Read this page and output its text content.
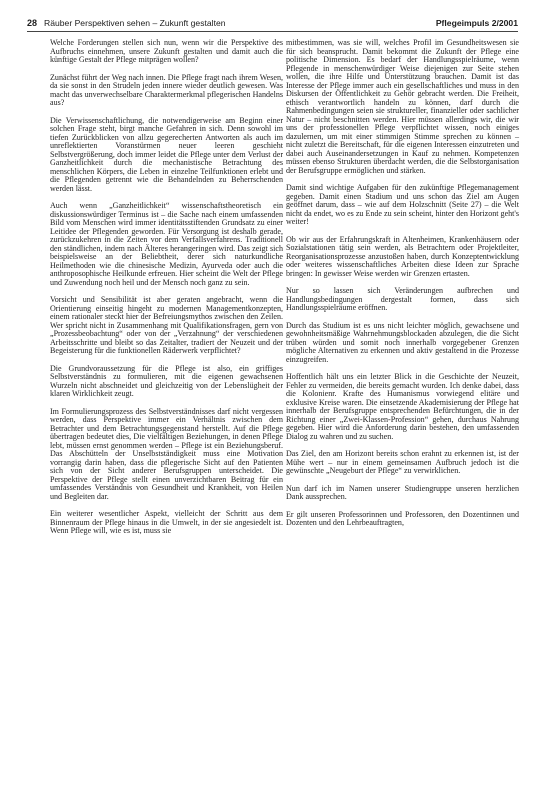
28 Räuber Perspektiven sehen – Zukunft gestalten	Pflegeimpuls 2/2001

Welche Forderungen stellen sich nun, wenn wir die Perspektive des Aufbruchs einnehmen, unsere Zukunft gestalten und damit auch die künftige Gestalt der Pflege mitprägen wollen?

Zunächst führt der Weg nach innen. Die Pflege fragt nach ihrem Wesen, da sie sonst in den Strudeln jeden innere wieder deutlich gewesen. Was macht das unverwechselbare Charaktermerkmal pflegerischen Handelns aus?

Die Verwissenschaftlichung, die notwendigerweise am Beginn einer solchen Frage steht, birgt manche Gefahren in sich. Denn sowohl im tiefen Zurückblicken von allzu gegerecherten Antworten als auch im unreflektierten Voranstürmen neuer leeren geschieht Selbstvergrößerung, doch immer leidet die Pflege unter dem Verlust der Ganzheitlichkeit durch die mechanistische Betrachtung des menschlichen Körpers, die Leben in einzelne Teilfunktionen erlebt und die Pflegenden getrennt wie die Behandelnden zu Beherrschenden werden lässt.

Auch wenn „Ganzheitlichkeit“ wissenschaftstheoretisch ein diskussionswürdiger Terminus ist – die Sache nach einem umfassenden Bild vom Menschen wird immer identitätsstiftenden Grundsatz zu einer Leitidee der Pflegenden geworden. Für Versorgung ist deshalb gerade, zurückzukehren in die Zeiten vor dem Verfallsverfahrens. Traditionell den ständlichen, indem nach Älteres herangeringen wird. Das zeigt sich beispielsweise an der Beliebtheit, derer sich naturkundliche Heilmethoden wie die chinesische Medizin, Ayurveda oder auch die anthroposophische Heilkunde erfreuen. Hier scheint die Welt der Pflege und Zuwendung noch heil und der Mensch noch ganz zu sein.

Vorsicht und Sensibilität ist aber geraten angebracht, wenn die Orientierung einseitig hingeht zu modernen Managementkonzepten, einem rationaler steckt hier der Befreiungsmythos zwischen den Zeilen. Wer spricht nicht in Zusammenhang mit Qualifikationsfragen, gern von „Prozessbeobachtung“ oder von der „Verzahnung“ der verschiedenen Arbeitsschritte und bleibt so das Zeitalter, tradiert der Neuzeit und der Begeisterung für die funktionellen Räderwerk verpflichtet?

Die Grundvoraussetzung für die Pflege ist also, ein griffiges Selbstverständnis zu formulieren, mit die eigenen gewachsenen Wurzeln nicht abschneidet und gleichzeitig von der Lebenslügheit der klaren Wirklichkeit zeugt.

Im Formulierungsprozess des Selbstverständnisses darf nicht vergessen werden, dass Perspektive immer ein Verhältnis zwischen dem Betrachter und dem Betrachtungsgegenstand herstellt. Auf die Pflege übertragen bedeutet dies, Die vielfältigen Beziehungen, in denen Pflege lebt, müssen ernst genommen werden – Pflege ist ein Beziehungsberuf. Das Abschütteln der Unselbstständigkeit muss eine Motivation vorrangig darin haben, dass die pflegerische Sicht auf den Patienten sich von der Sicht anderer Berufsgruppen unterscheidet. Die Perspektive der Pflege stellt einen unverzichtbaren Beitrag für ein umfassendes Verständnis von Gesundheit und Krankheit, von Heilen und Begleiten dar.

Ein weiterer wesentlicher Aspekt, vielleicht der Schritt aus dem Binnenraum der Pflege hinaus in die Umwelt, in der sie angesiedelt ist. Wenn Pflege will, wie es ist, muss sie

mitbestimmen, was sie will, welches Profil im Gesundheitswesen sie für sich beansprucht. Damit bekommt die Zukunft der Pflege eine politische Dimension. Es bedarf der Handlungsspielräume, wenn Pflegende in menschenwürdiger Weise diejenigen zur Seite stehen wollen, die ihre Hilfe und Unterstützung brauchen. Damit ist das Interesse der Pflege immer auch ein gesellschaftliches und muss in den Diskursen der Öffentlichkeit zu Gehör gebracht werden. Die Freiheit, ethisch verantwortlich handeln zu können, darf durch die Rahmenbedingungen seien sie struktureller, finanzieller oder sachlicher Natur – nicht beschnitten werden. Hier müssen allerdings wir, die wir uns der professionellen Pflege verpflichtet wissen, noch einiges dazulernen, um mit einer stimmigen Stimme sprechen zu können – nicht zuletzt die Bereitschaft, für die eigenen Interessen einzutreten und dabei auch Auseinandersetzungen in Kauf zu nehmen. Kompetenzen müssen ebenso Strukturen überdacht werden, die die Selbstorganisation der Berufsgruppe ermöglichen und stärken.

Damit sind wichtige Aufgaben für den zukünftige Pflegemanagement gegeben. Damit einen Stadium und uns schon das Ziel am Augen geöffnet darum, dass – wie auf dem Holzschnitt (Seite 27) – die Welt nicht da endet, wo es zu Ende zu sein scheint, hinter den Horizont geht's weiter!

Ob wir aus der Erfahrungskraft in Altenheimen, Krankenhäusern oder Sozialstationen tätig sein werden, als Betrachtern oder Projektleiter, Reorganisationsprozesse anzustoßen haben, durch Konzeptentwicklung oder weiteres wissenschaftliches Arbeiten diese Ideen zur Sprache bringen: In gewisser Weise werden wir Grenzen ertasten.

Nur so lassen sich Veränderungen aufbrechen und Handlungsbedingungen dergestalt formen, dass sich Handlungsspielräume eröffnen.

Durch das Studium ist es uns nicht leichter möglich, gewachsene und gewohnheitsmäßige Wahrnehmungsblockaden abzulegen, die die Sicht trüben würden und somit noch innerhalb vorgegebener Grenzen mögliche Alternativen zu erkennen und aktiv gestaltend in die Prozesse einzugreifen.

Hoffentlich hält uns ein letzter Blick in die Geschichte der Neuzeit, Fehler zu vermeiden, die bereits gemacht wurden. Ich denke dabei, dass die Kolonienr. Krafte des Humanismus vorwiegend elitäre und exklusive Kreise waren. Die einsetzende Akademisierung der Pflege hat innerhalb der Berufsgruppe entsprechenden Befürchtungen, die in der Richtung einer „Zwei-Klassen-Profession“ gehen, durchaus Nahrung gegeben. Hier wird die Anforderung darin bestehen, den umfassenden Dialog zu wahren und zu suchen.

Das Ziel, den am Horizont bereits schon erahnt zu erkennen ist, ist der Mühe wert – nur in einem gemeinsamen Aufbruch jedoch ist die gewünschte „Neugeburt der Pflege“ zu verwirklichen.

Nun darf ich im Namen unserer Studiengruppe unseren herzlichen Dank aussprechen.

Er gilt unseren Professorinnen und Professoren, den Dozentinnen und Dozenten und den Lehrbeauftragten,
